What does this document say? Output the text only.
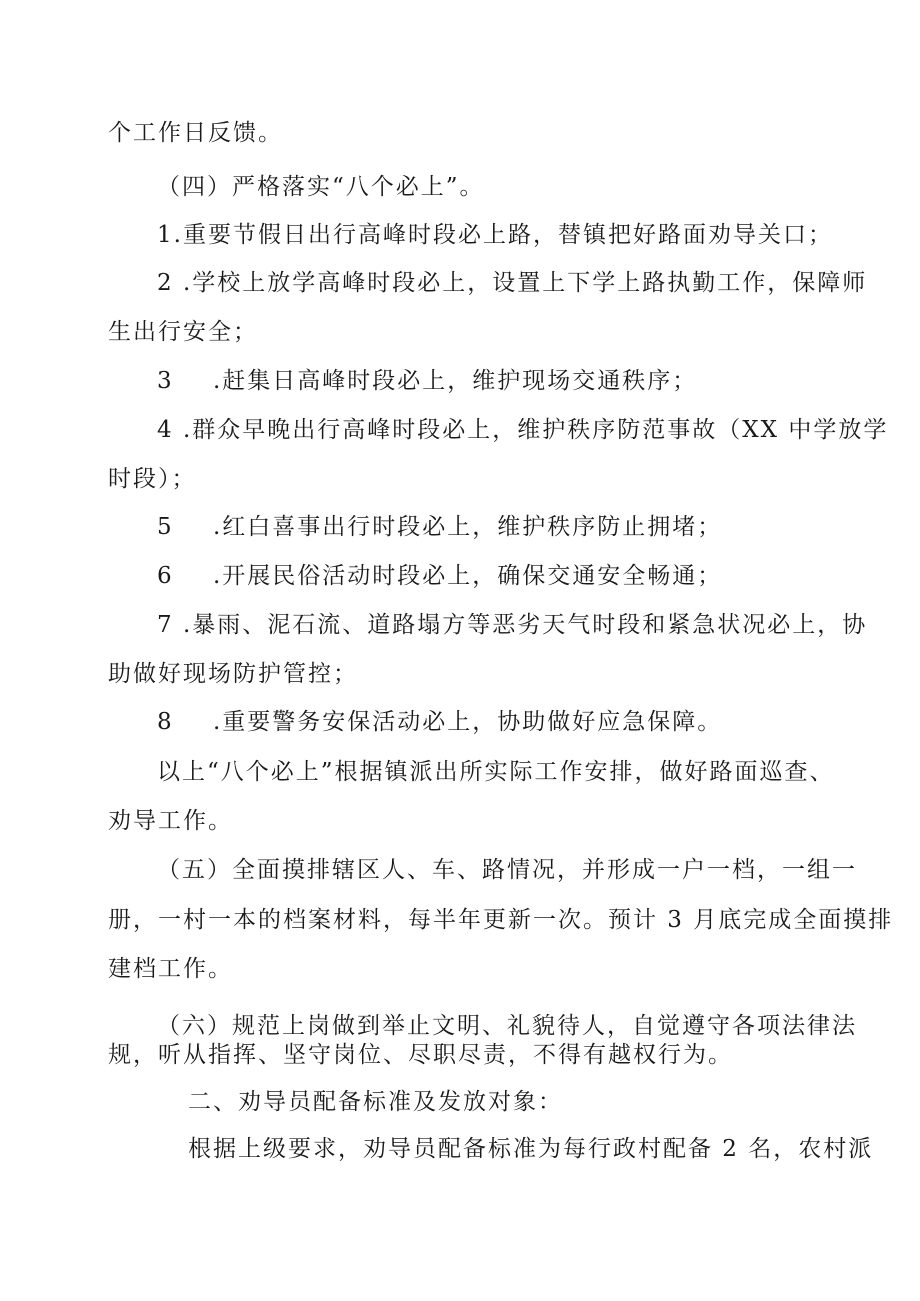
个工作日反馈。
（四）严格落实“八个必上”。
1.重要节假日出行高峰时段必上路，替镇把好路面劝导关口；
2 .学校上放学高峰时段必上，设置上下学上路执勤工作，保障师
生出行安全；
3 .赶集日高峰时段必上，维护现场交通秩序；
4 .群众早晚出行高峰时段必上，维护秩序防范事故（XX 中学放学
时段）；
5 .红白喜事出行时段必上，维护秩序防止拥堵；
6 .开展民俗活动时段必上，确保交通安全畅通；
7 .暴雨、泥石流、道路塌方等恶劣天气时段和紧急状况必上，协
助做好现场防护管控；
8 .重要警务安保活动必上，协助做好应急保障。
以上“八个必上”根据镇派出所实际工作安排，做好路面巡查、
劝导工作。
（五）全面摸排辖区人、车、路情况，并形成一户一档，一组一
册，一村一本的档案材料，每半年更新一次。预计 3 月底完成全面摸排
建档工作。
（六）规范上岗做到举止文明、礼貌待人，自觉遵守各项法律法
规，听从指挥、坚守岗位、尽职尽责，不得有越权行为。
二、劝导员配备标准及发放对象：
根据上级要求，劝导员配备标准为每行政村配备 2 名，农村派
